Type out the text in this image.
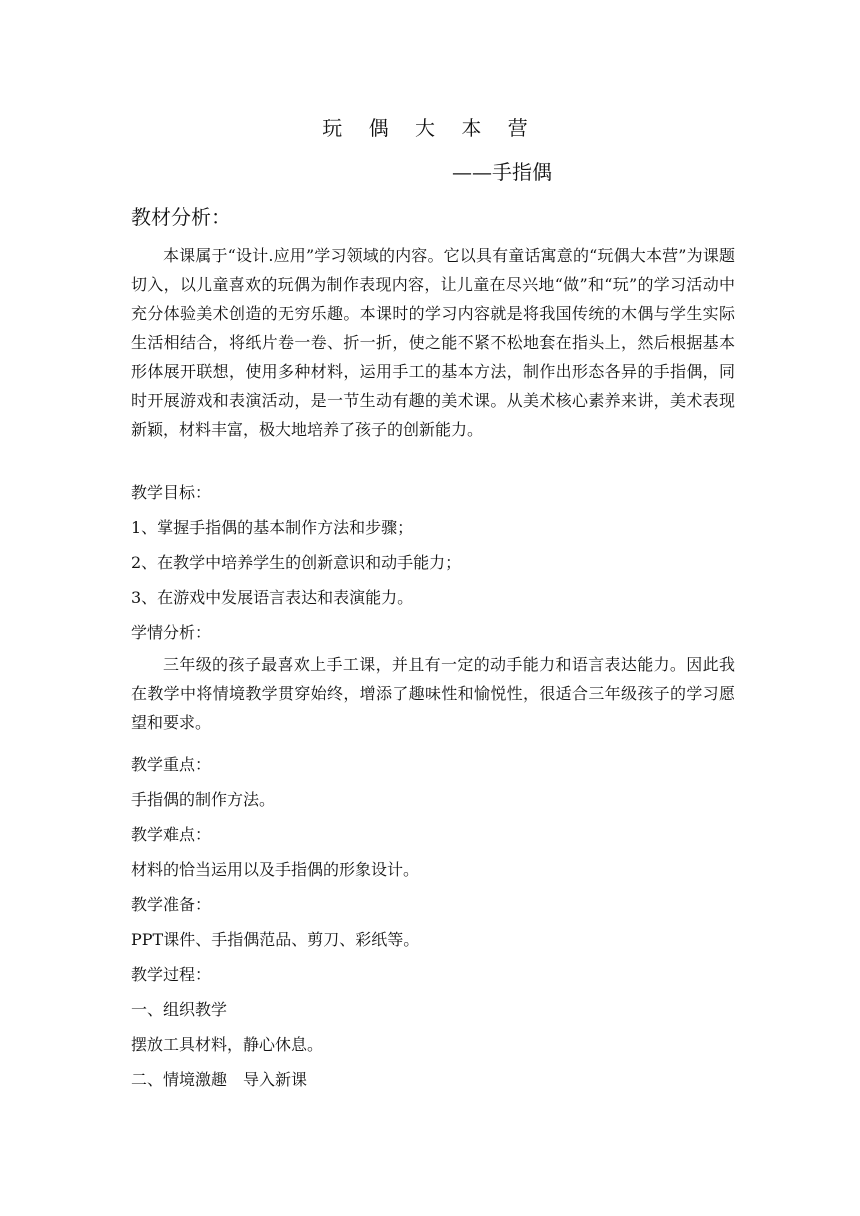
玩 偶 大 本 营
——手指偶
教材分析：
本课属于“设计.应用”学习领域的内容。它以具有童话寓意的“玩偶大本营”为课题切入，以儿童喜欢的玩偶为制作表现内容，让儿童在尽兴地“做”和“玩”的学习活动中充分体验美术创造的无穷乐趣。本课时的学习内容就是将我国传统的木偶与学生实际生活相结合，将纸片卷一卷、折一折，使之能不紧不松地套在指头上，然后根据基本形体展开联想，使用多种材料，运用手工的基本方法，制作出形态各异的手指偶，同时开展游戏和表演活动，是一节生动有趣的美术课。从美术核心素养来讲，美术表现新颖，材料丰富，极大地培养了孩子的创新能力。
教学目标：
1、掌握手指偶的基本制作方法和步骤；
2、在教学中培养学生的创新意识和动手能力；
3、在游戏中发展语言表达和表演能力。
学情分析：
三年级的孩子最喜欢上手工课，并且有一定的动手能力和语言表达能力。因此我在教学中将情境教学贯穿始终，增添了趣味性和愉悦性，很适合三年级孩子的学习愿望和要求。
教学重点：
手指偶的制作方法。
教学难点：
材料的恰当运用以及手指偶的形象设计。
教学准备：
PPT课件、手指偶范品、剪刀、彩纸等。
教学过程：
一、组织教学
摆放工具材料，静心休息。
二、情境激趣　导入新课
